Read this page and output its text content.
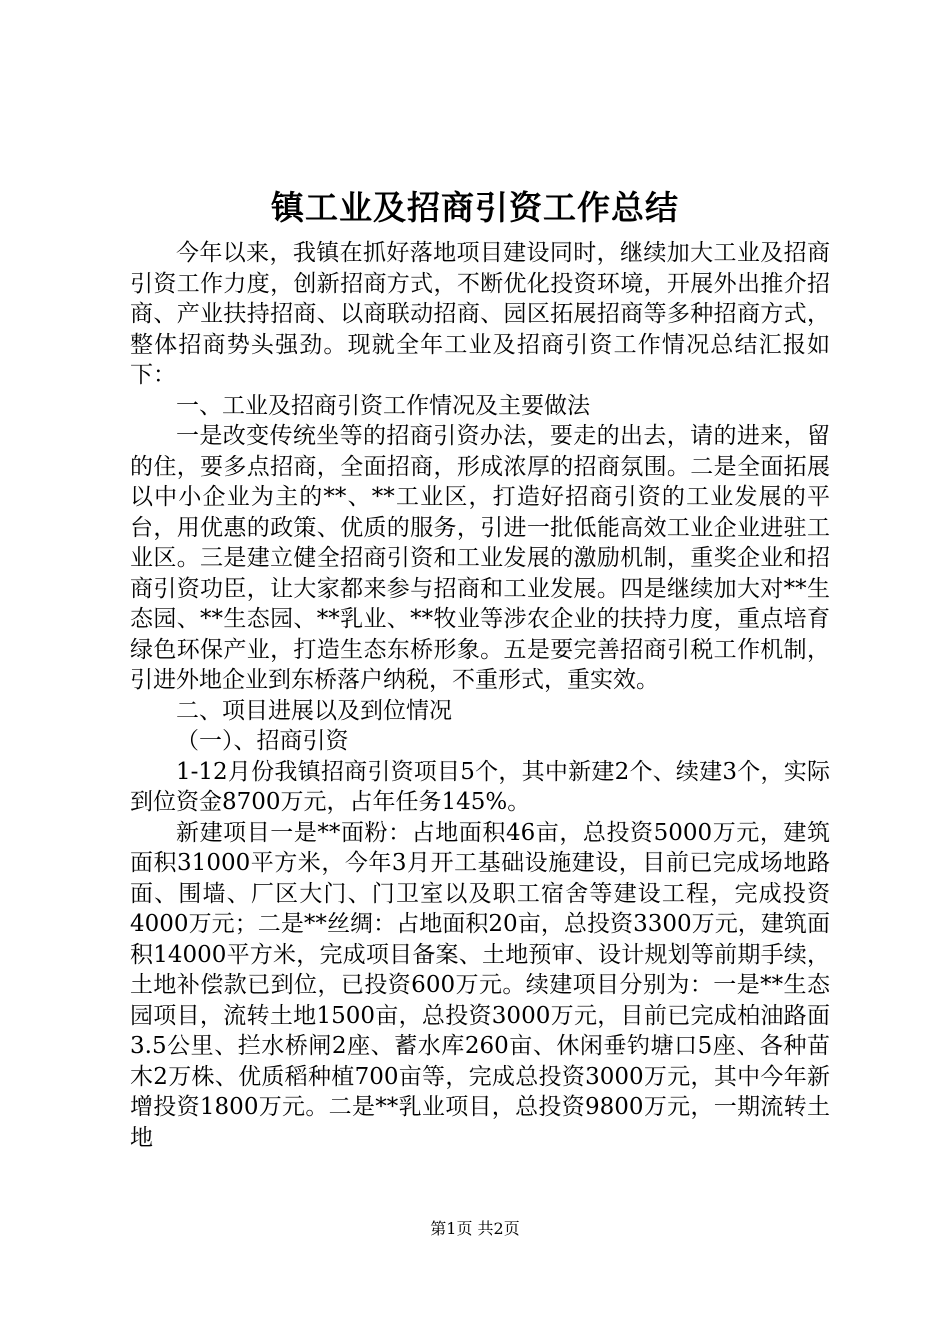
镇工业及招商引资工作总结

今年以来，我镇在抓好落地项目建设同时，继续加大工业及招商引资工作力度，创新招商方式，不断优化投资环境，开展外出推介招商、产业扶持招商、以商联动招商、园区拓展招商等多种招商方式，整体招商势头强劲。现就全年工业及招商引资工作情况总结汇报如下：

一、工业及招商引资工作情况及主要做法

一是改变传统坐等的招商引资办法，要走的出去，请的进来，留的住，要多点招商，全面招商，形成浓厚的招商氛围。二是全面拓展以中小企业为主的**、**工业区，打造好招商引资的工业发展的平台，用优惠的政策、优质的服务，引进一批低能高效工业企业进驻工业区。三是建立健全招商引资和工业发展的激励机制，重奖企业和招商引资功臣，让大家都来参与招商和工业发展。四是继续加大对**生态园、**生态园、**乳业、**牧业等涉农企业的扶持力度，重点培育绿色环保产业，打造生态东桥形象。五是要完善招商引税工作机制，引进外地企业到东桥落户纳税，不重形式，重实效。

二、项目进展以及到位情况

（一）、招商引资

1-12月份我镇招商引资项目5个，其中新建2个、续建3个，实际到位资金8700万元，占年任务145%。

新建项目一是**面粉：占地面积46亩，总投资5000万元，建筑面积31000平方米，今年3月开工基础设施建设，目前已完成场地路面、围墙、厂区大门、门卫室以及职工宿舍等建设工程，完成投资4000万元；二是**丝绸：占地面积20亩，总投资3300万元，建筑面积14000平方米，完成项目备案、土地预审、设计规划等前期手续，土地补偿款已到位，已投资600万元。续建项目分别为：一是**生态园项目，流转土地1500亩，总投资3000万元，目前已完成柏油路面3.5公里、拦水桥闸2座、蓄水库260亩、休闲垂钓塘口5座、各种苗木2万株、优质稻种植700亩等，完成总投资3000万元，其中今年新增投资1800万元。二是**乳业项目，总投资9800万元，一期流转土地

第1页 共2页
